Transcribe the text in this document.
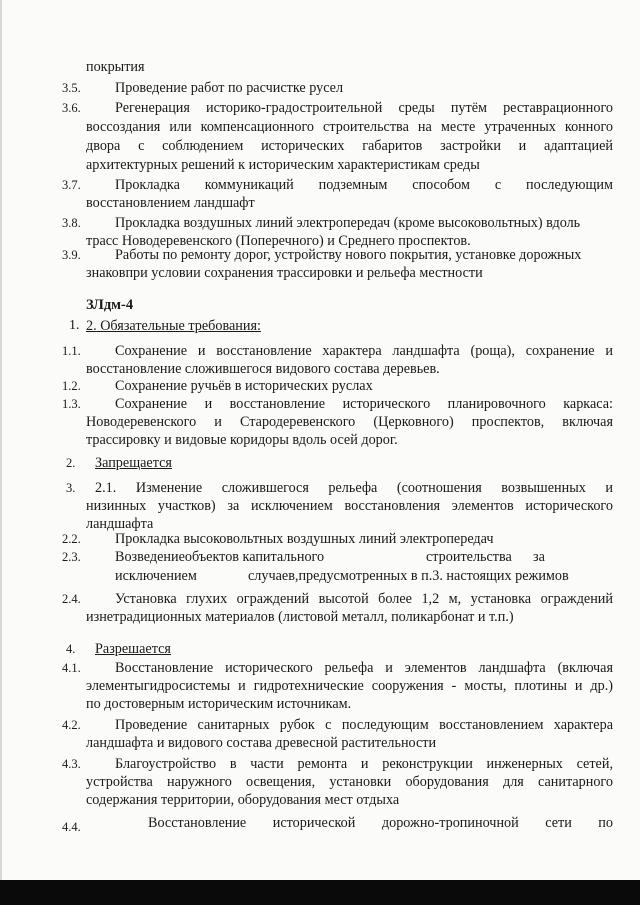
покрытия
3.5. Проведение работ по расчистке русел
3.6. Регенерация историко-градостроительной среды путём реставрационного
воссоздания или компенсационного строительства на месте утраченных конного
двора с соблюдением исторических габаритов застройки и адаптацией
архитектурных решений к историческим характеристикам среды
3.7. Прокладка коммуникаций подземным способом с последующим
восстановлением ландшафт
3.8. Прокладка воздушных линий электропередач (кроме высоковольтных) вдоль
трасс Новодеревенского (Поперечного) и Среднего проспектов.
3.9. Работы по ремонту дорог, устройству нового покрытия, установке дорожных
знаковпри условии сохранения трассировки и рельефа местности
ЗЛдм-4
1. 2. Обязательные требования:
1.1. Сохранение и восстановление характера ландшафта (роща), сохранение и
восстановление сложившегося видового состава деревьев.
1.2. Сохранение ручьёв в исторических руслах
1.3. Сохранение и восстановление исторического планировочного каркаса:
Новодеревенского и Стародеревенского (Церковного) проспектов, включая
трассировку и видовые коридоры вдоль осей дорог.
2. Запрещается
3. 2.1. Изменение сложившегося рельефа (соотношения возвышенных и
низинных участков) за исключением восстановления элементов исторического
ландшафта
2.2. Прокладка высоковольтных воздушных линий электропередач
2.3. Возведениеобъектов капитального	строительства за
исключением	случаев,предусмотренных в п.3. настоящих режимов
2.4. Установка глухих ограждений высотой более 1,2 м, установка ограждений
изнетрадиционных материалов (листовой металл, поликарбонат и т.п.)
4. Разрешается
4.1. Восстановление исторического рельефа и элементов ландшафта (включая
элементыгидросистемы и гидротехнические сооружения - мосты, плотины и др.)
по достоверным историческим источникам.
4.2. Проведение санитарных рубок с последующим восстановлением характера
ландшафта и видового состава древесной растительности
4.3. Благоустройство в части ремонта и реконструкции инженерных сетей,
устройства наружного освещения, установки оборудования для санитарного
содержания территории, оборудования мест отдыха
4.4.	Восстановление исторической дорожно-тропиночной сети по
